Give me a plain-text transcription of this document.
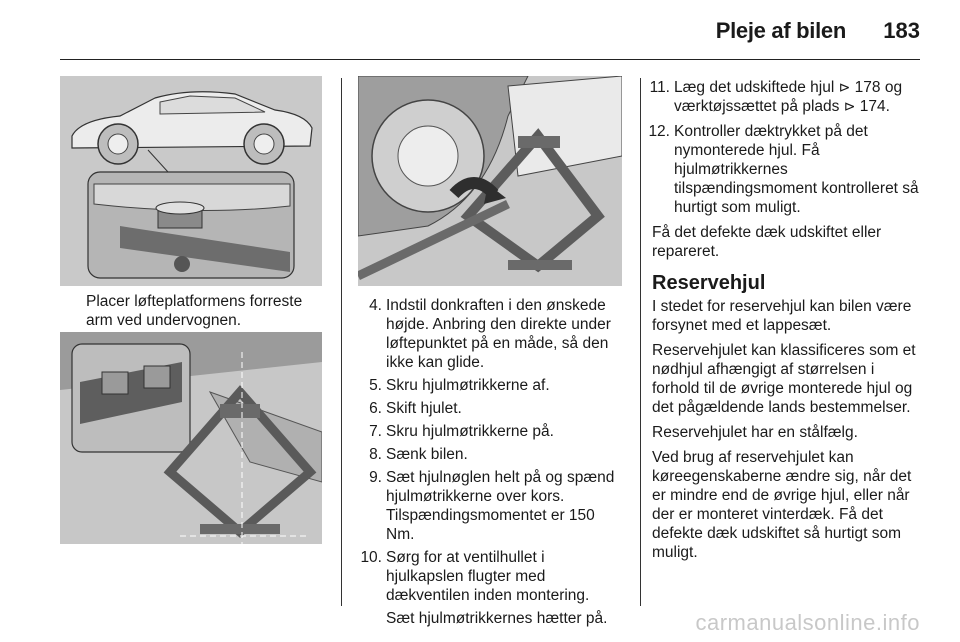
Pleje af bilen 183
Placer løfteplatformens forreste arm ved undervognen.
4. Indstil donkraften i den ønskede højde. Anbring den direkte under løftepunktet på en måde, så den ikke kan glide.
5. Skru hjulmøtrikkerne af.
6. Skift hjulet.
7. Skru hjulmøtrikkerne på.
8. Sænk bilen.
9. Sæt hjulnøglen helt på og spænd hjulmøtrikkerne over kors. Tilspændingsmomentet er 150 Nm.
10. Sørg for at ventilhullet i hjulkapslen flugter med dækventilen inden montering.

Sæt hjulmøtrikkernes hætter på.

11. Læg det udskiftede hjul ⊳ 178 og værktøjssættet på plads ⊳ 174.
12. Kontroller dæktrykket på det nymonterede hjul. Få hjulmøtrikkernes tilspændingsmoment kontrolleret så hurtigt som muligt.

Få det defekte dæk udskiftet eller repareret.

Reservehjul

I stedet for reservehjul kan bilen være forsynet med et lappesæt.

Reservehjulet kan klassificeres som et nødhjul afhængigt af størrelsen i forhold til de øvrige monterede hjul og det pågældende lands bestemmelser.

Reservehjulet har en stålfælg.

Ved brug af reservehjulet kan køreegenskaberne ændre sig, når det er mindre end de øvrige hjul, eller når der er monteret vinterdæk. Få det defekte dæk udskiftet så hurtigt som muligt.

carmanualsonline.info
